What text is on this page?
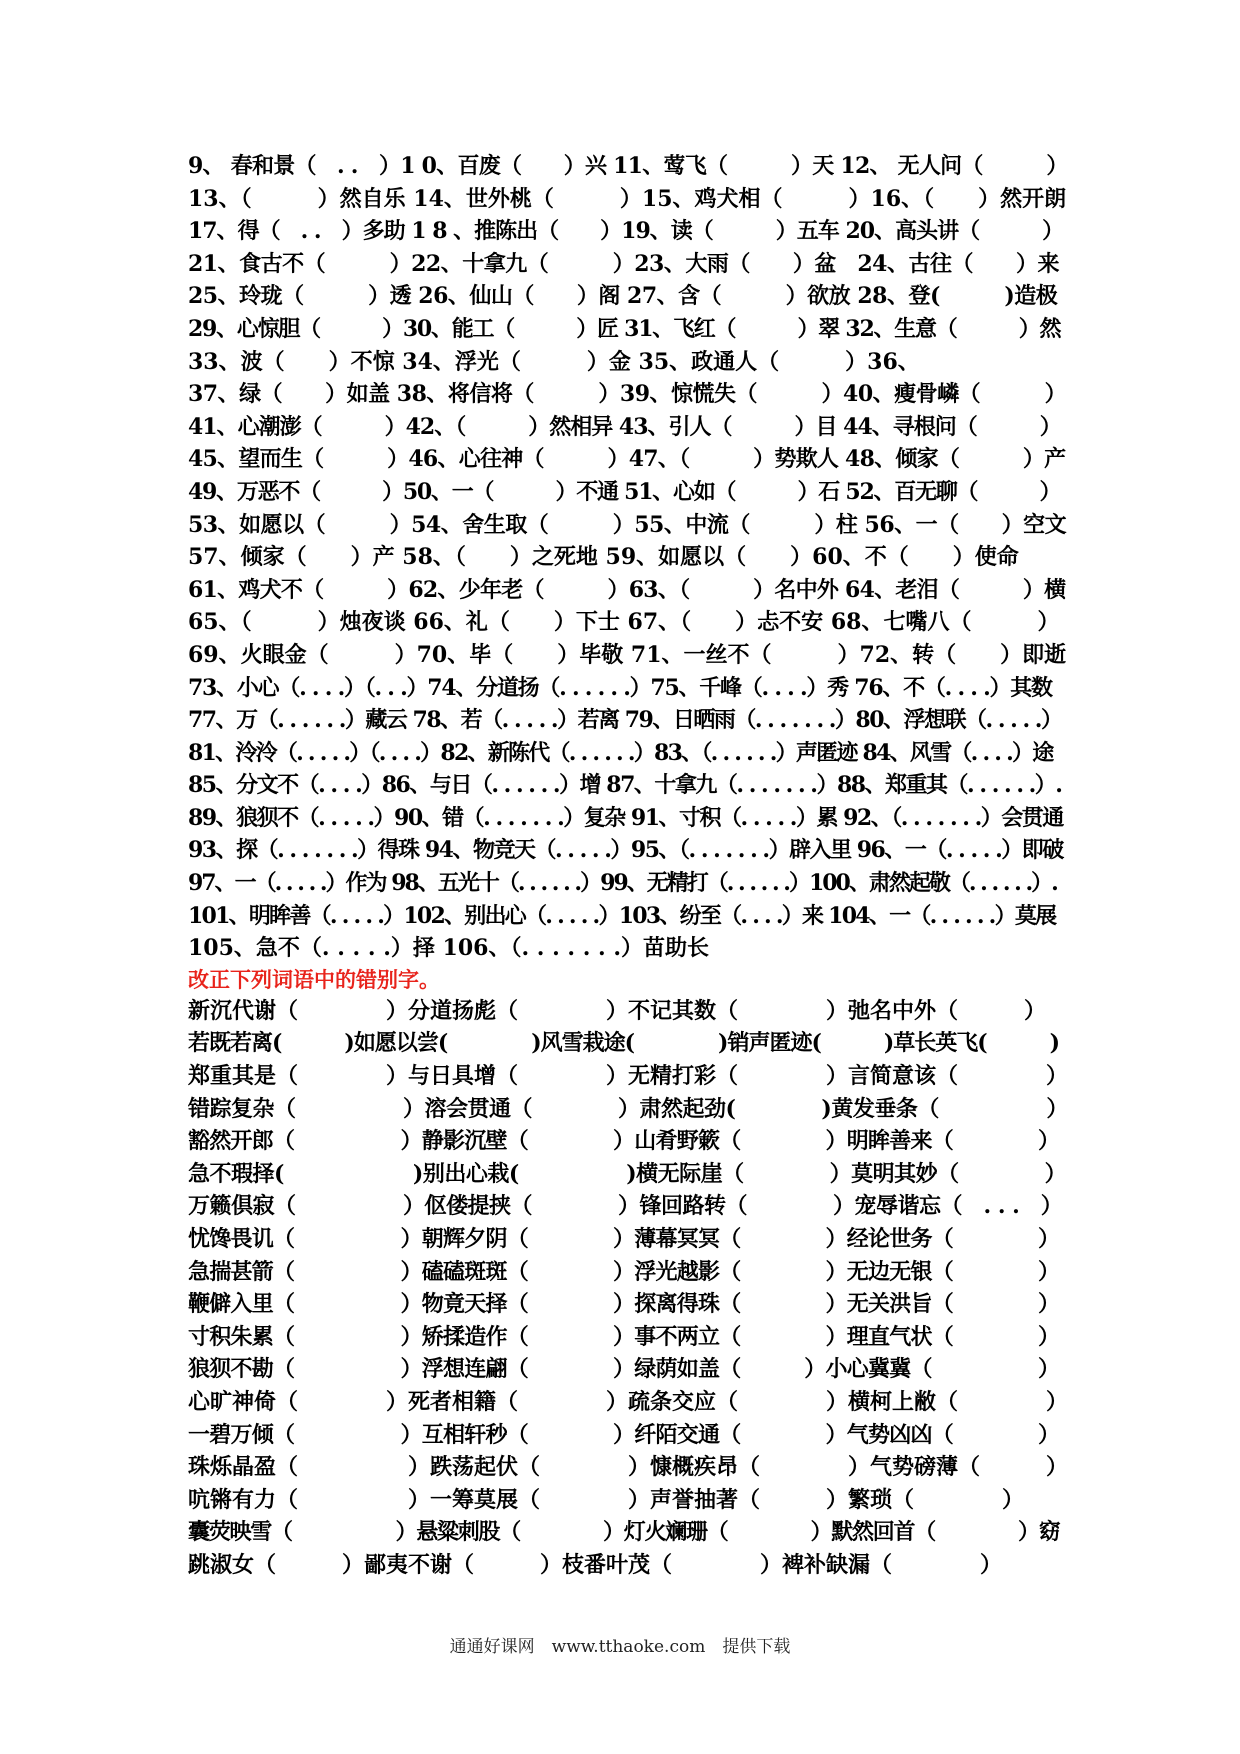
9、 春和景（　. .　）1 0、百废（　　）兴 11、莺飞（　　　）天 12、 无人问（　　　）
13、（　　　）然自乐 14、世外桃（　　　）15、鸡犬相（　　　）16、（　　）然开朗
17、得（　. .　）多助 1 8 、推陈出（　　）19、读（　　　）五车 20、高头讲（　　　）
21、食古不（　　　）22、十拿九（　　　）23、大雨（　　）盆　24、古往（　　）来
25、玲珑（　　　）透 26、仙山（　　）阁 27、含（　　　）欲放 28、登(　　　)造极
29、心惊胆（　　　）30、能工（　　　）匠 31、飞红（　　　）翠 32、生意（　　　）然
33、波（　　）不惊 34、浮光（　　　）金 35、政通人（　　　）36、
37、绿（　　）如盖 38、将信将（　　　）39、惊慌失（　　　）40、瘦骨嶙（　　　）
41、心潮澎（　　　）42、（　　　）然相异 43、引人（　　　）目 44、寻根问（　　　）
45、望而生（　　　）46、心往神（　　　）47、（　　　）势欺人 48、倾家（　　　）产
49、万恶不（　　　）50、一（　　　）不通 51、心如（　　　）石 52、百无聊（　　　）
53、如愿以（　　　）54、舍生取（　　　）55、中流（　　　）柱 56、一（　　）空文
57、倾家（　　）产 58、（　　）之死地 59、如愿以（　　）60、不（　　）使命
61、鸡犬不（　　　）62、少年老（　　　）63、（　　　）名中外 64、老泪（　　　）横
65、（　　　）烛夜谈 66、礼（　　）下士 67、（　　）忐不安 68、七嘴八（　　　）
69、火眼金（　　　）70、毕（　　）毕敬 71、一丝不（　　　）72、转（　　）即逝
73、小心（. . . .）（. . .）74、分道扬（. . . . . .）75、千峰（. . . .）秀 76、不（. . . .）其数
77、万（. . . . . .）藏云 78、若（. . . . .）若离 79、日晒雨（. . . . . . .）80、浮想联（. . . . .）
81、泠泠（. . . . .）（. . . .）82、新陈代（. . . . . .）83、（. . . . . .）声匿迹 84、风雪（. . . .）途
85、分文不（. . . .）86、与日（. . . . . .）增 87、十拿九（. . . . . . .）88、郑重其（. . . . . .）.
89、狼狈不（. . . . .）90、错（. . . . . . .）复杂 91、寸积（. . . . .）累 92、（. . . . . . .）会贯通
93、探（. . . . . . .）得珠 94、物竞天（. . . . .）95、（. . . . . . .）辟入里 96、一（. . . . .）即破
97、一（. . . . .）作为 98、五光十（. . . . . .）99、无精打（. . . . . .）100、肃然起敬（. . . . . .）.
101、明眸善（. . . . .）102、别出心（. . . . .）103、纷至（. . . .）来 104、一（. . . . . .）莫展
105、急不（. . . . .）择 106、（. . . . . . .）苗助长
改正下列词语中的错别字。
新沉代谢（　　　　）分道扬彪（　　　　）不记其数（　　　　）弛名中外（　　　）
若既若离(　　　)如愿以尝(　　　　)风雪栽途(　　　　)销声匿迹(　　　)草长英飞(　　　)
郑重其是（　　　　）与日具增（　　　　）无精打彩（　　　　）言简意该（　　　　）
错踪复杂（　　　　　）溶会贯通（　　　　）肃然起劲(　　　　)黄发垂条（　　　　　）
豁然开郎（　　　　　）静影沉壁（　　　　）山肴野簌（　　　　）明眸善来（　　　　）
急不瑕择(　　　　　　)别出心栽(　　　　　)横无际崖（　　　　）莫明其妙（　　　　）
万籁倶寂（　　　　　）伛偻提挟（　　　　）锋回路转（　　　　）宠辱谐忘（　. . .　）
忧馋畏讥（　　　　　）朝辉夕阴（　　　　）薄幕冥冥（　　　　）经论世务（　　　　）
急揣甚箭（　　　　　）磕磕斑斑（　　　　）浮光越影（　　　　）无边无银（　　　　）
鞭僻入里（　　　　　）物竟天择（　　　　）探离得珠（　　　　）无关洪旨（　　　　）
寸积朱累（　　　　　）矫揉造作（　　　　）事不两立（　　　　）理直气状（　　　　）
狼狈不勘（　　　　　）浮想连翩（　　　　）绿荫如盖（　　　）小心冀冀（　　　　　）
心旷神倚（　　　　）死者相籍（　　　　）疏条交应（　　　　）横柯上敝（　　　　）
一碧万倾（　　　　　）互相轩秒（　　　　）纤陌交通（　　　　）气势凶凶（　　　　）
珠烁晶盈（　　　　　）跌荡起伏（　　　　）慷概疾昂（　　　　）气势磅薄（　　　）
吭锵有力（　　　　　）一筹莫展（　　　　）声誉抽著（　　　）繁琐（　　　　）
囊荧映雪（　　　　　）悬粱刺股（　　　　）灯火斓珊（　　　　）默然回首（　　　　）窈
跳淑女（　　　）鄙夷不谢（　　　）枝番叶茂（　　　　）裨补缺漏（　　　　）
通通好课网　www.tthaoke.com　提供下载
